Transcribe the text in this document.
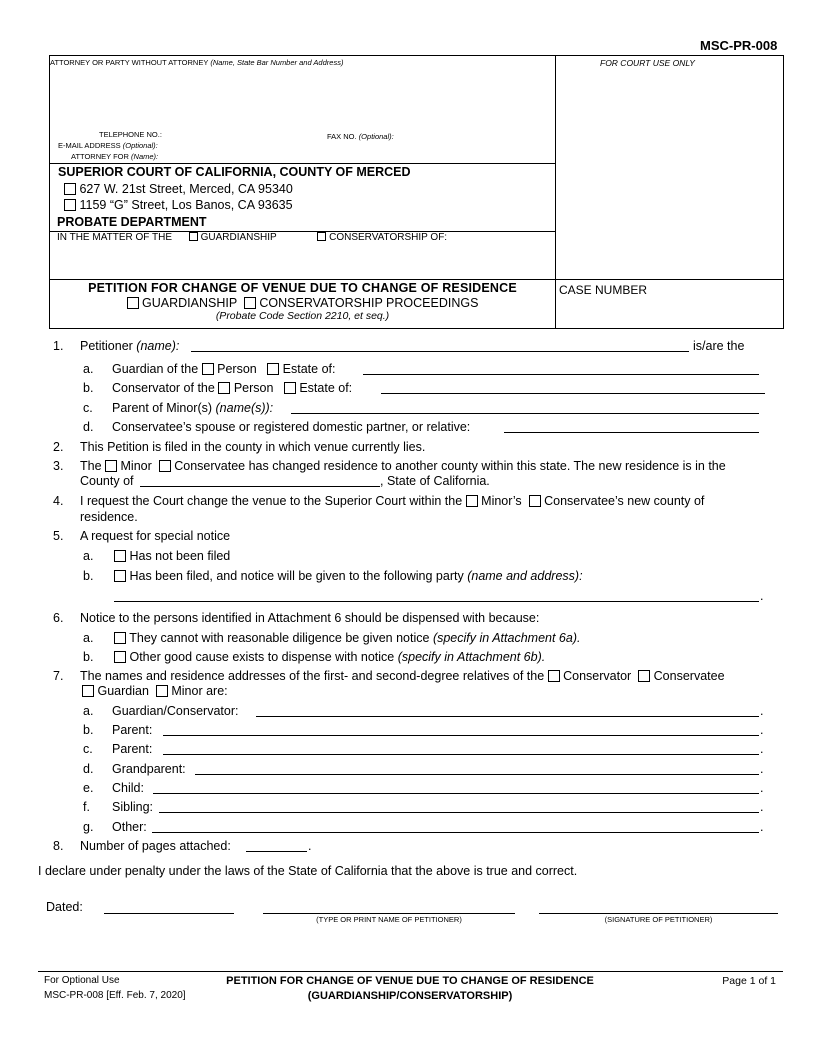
MSC-PR-008
ATTORNEY OR PARTY WITHOUT ATTORNEY (Name, State Bar Number and Address)	FOR COURT USE ONLY
TELEPHONE NO.:	FAX NO. (Optional):
E-MAIL ADDRESS (Optional):
ATTORNEY FOR (Name):
SUPERIOR COURT OF CALIFORNIA, COUNTY OF MERCED
627 W. 21st Street, Merced, CA 95340
1159 “G” Street, Los Banos, CA 93635
PROBATE DEPARTMENT
IN THE MATTER OF THE	GUARDIANSHIP	CONSERVATORSHIP OF:
PETITION FOR CHANGE OF VENUE DUE TO CHANGE OF RESIDENCE
GUARDIANSHIP CONSERVATORSHIP PROCEEDINGS
(Probate Code Section 2210, et seq.)
CASE NUMBER
1. Petitioner (name):	is/are the
a. Guardian of the Person Estate of:
b. Conservator of the Person Estate of:
c. Parent of Minor(s) (name(s)):
d. Conservatee’s spouse or registered domestic partner, or relative:
2. This Petition is filed in the county in which venue currently lies.
3. The Minor Conservatee has changed residence to another county within this state. The new residence is in the
County of	, State of California.
4. I request the Court change the venue to the Superior Court within the Minor’s Conservatee’s new county of
residence.
5. A request for special notice
a.	Has not been filed
b.	Has been filed, and notice will be given to the following party (name and address):
.
6. Notice to the persons identified in Attachment 6 should be dispensed with because:
a.	They cannot with reasonable diligence be given notice (specify in Attachment 6a).
b.	Other good cause exists to dispense with notice (specify in Attachment 6b).
7. The names and residence addresses of the first- and second-degree relatives of the Conservator Conservatee
Guardian Minor are:
a. Guardian/Conservator:	.
b. Parent:	.
c. Parent:	.
d. Grandparent:	.
e. Child:	.
f. Sibling:	.
g. Other:	.
8. Number of pages attached:	.
I declare under penalty under the laws of the State of California that the above is true and correct.
Dated:
(TYPE OR PRINT NAME OF PETITIONER)	(SIGNATURE OF PETITIONER)
For Optional Use
MSC-PR-008 [Eff. Feb. 7, 2020]
PETITION FOR CHANGE OF VENUE DUE TO CHANGE OF RESIDENCE
(GUARDIANSHIP/CONSERVATORSHIP)
Page 1 of 1
